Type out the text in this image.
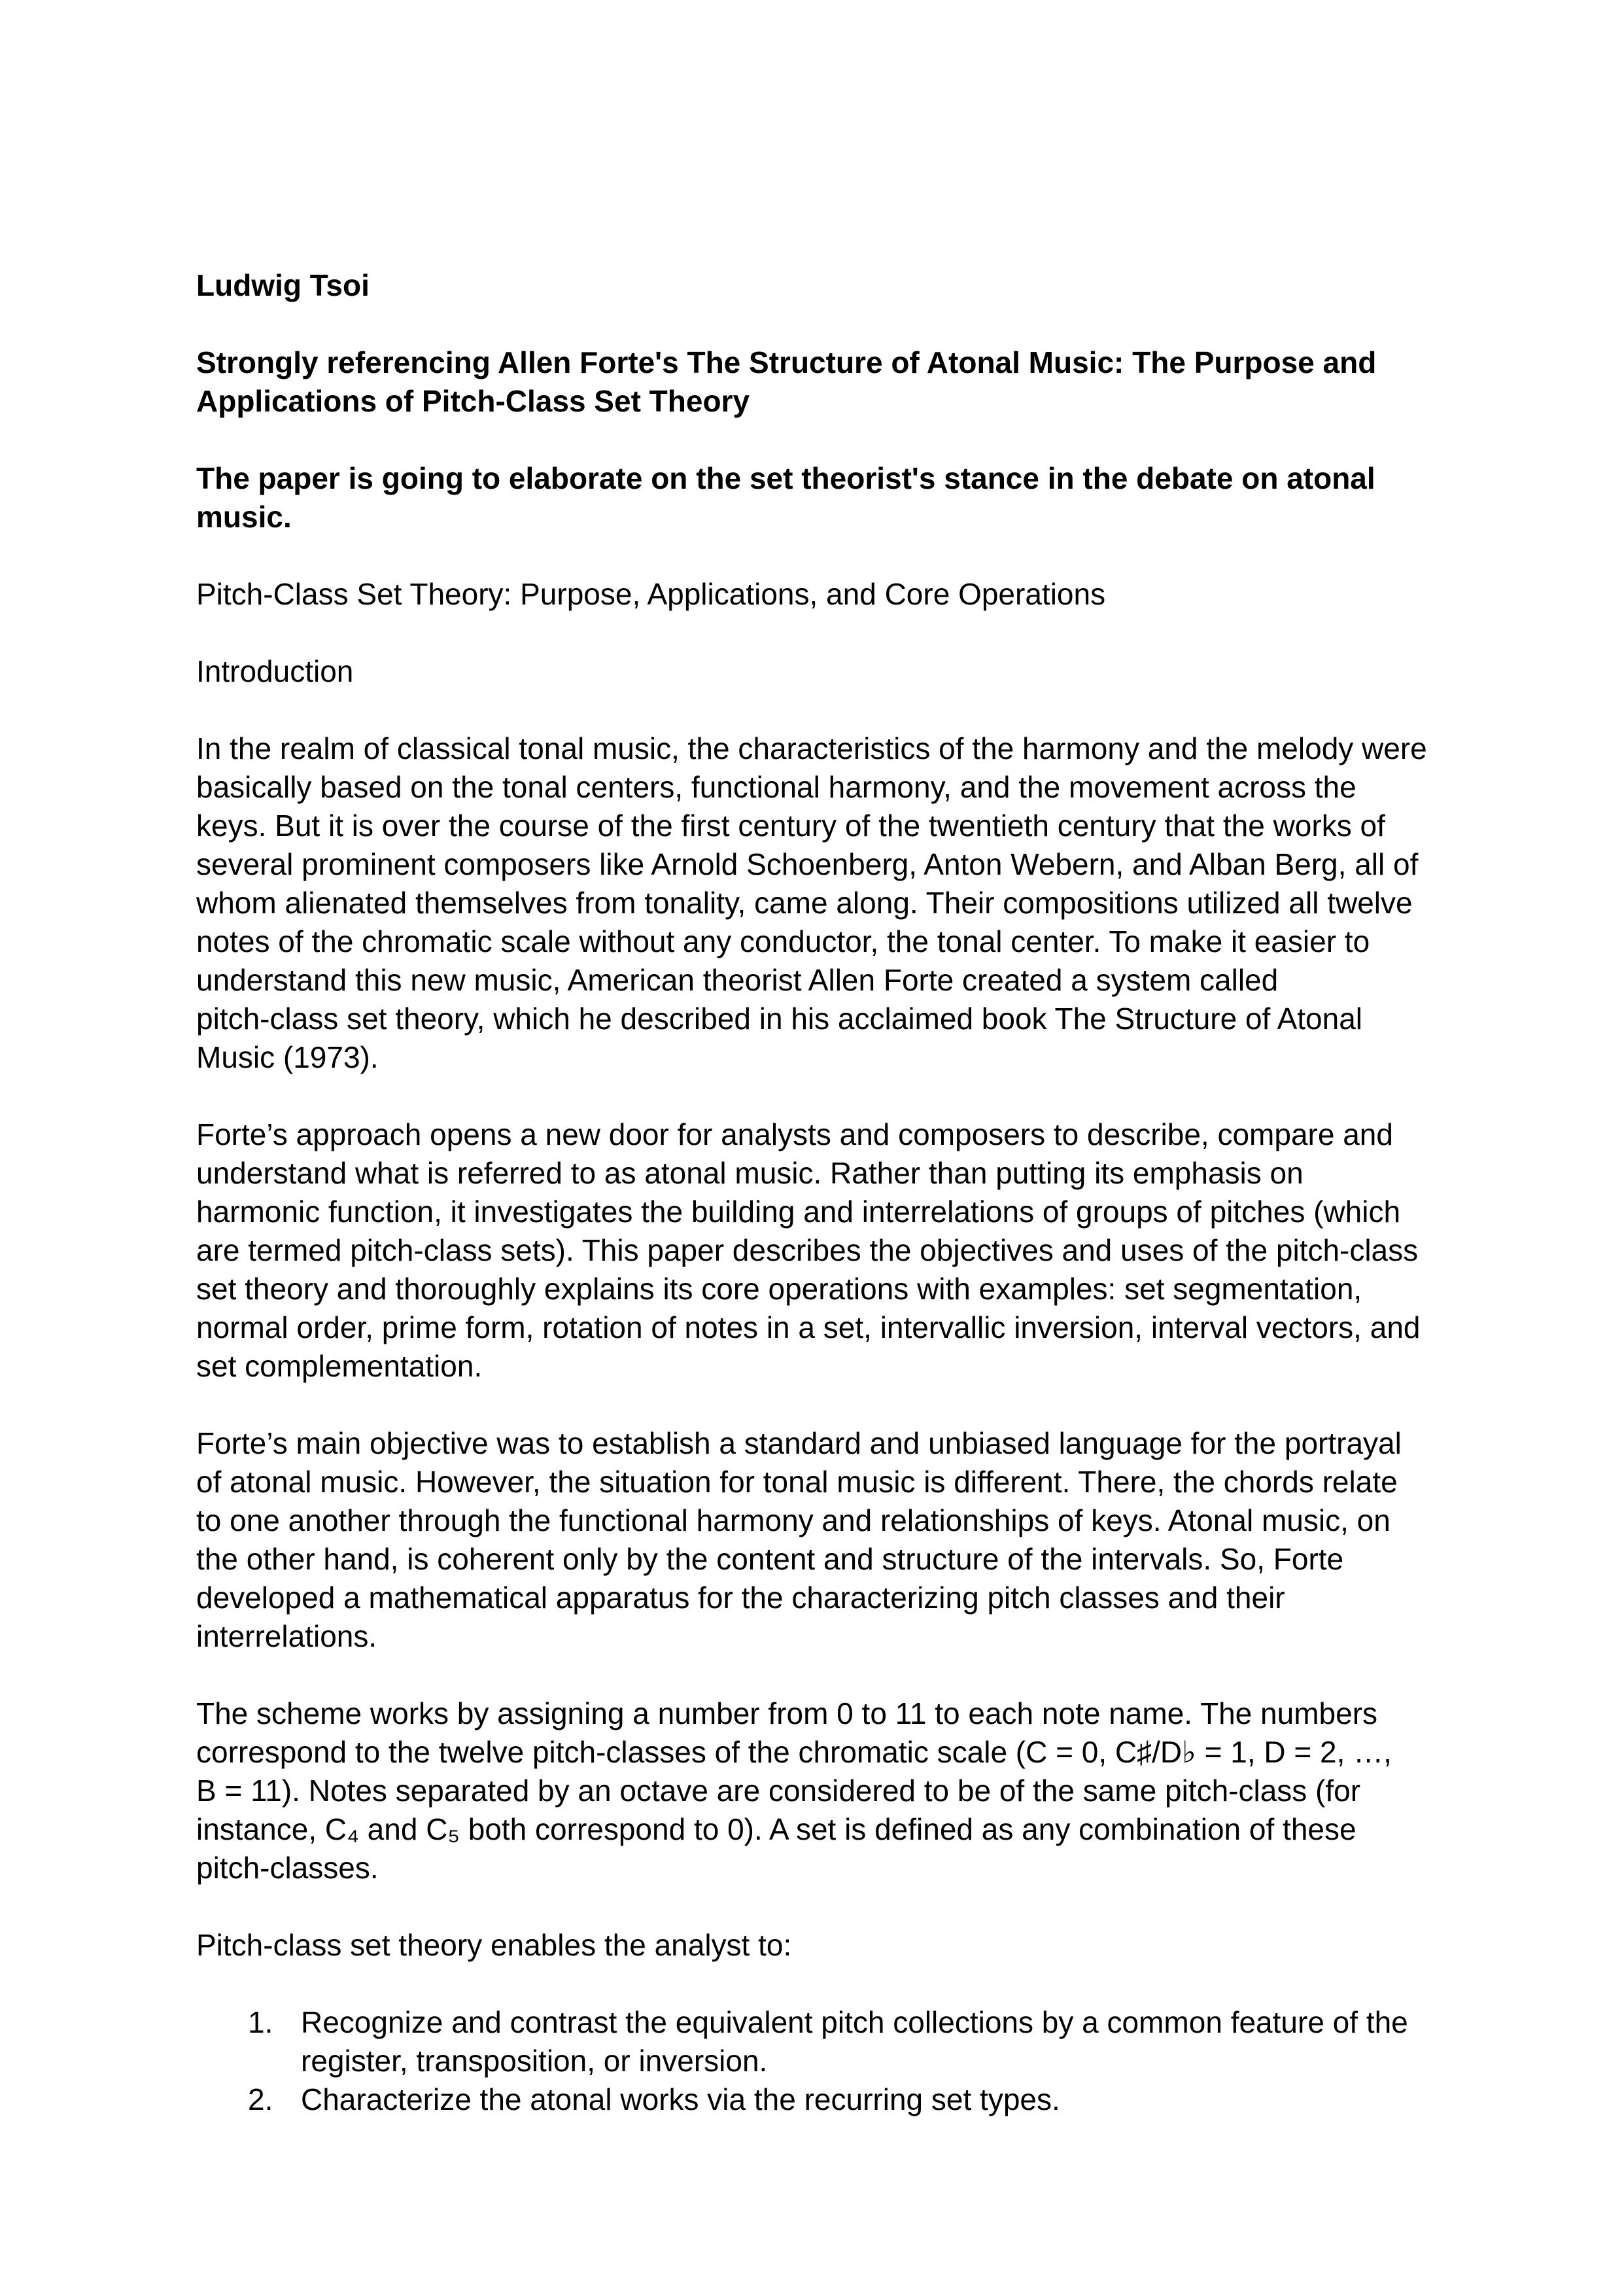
Ludwig Tsoi

Strongly referencing Allen Forte's The Structure of Atonal Music: The Purpose and
Applications of Pitch-Class Set Theory

The paper is going to elaborate on the set theorist's stance in the debate on atonal
music.

Pitch-Class Set Theory: Purpose, Applications, and Core Operations

Introduction

In the realm of classical tonal music, the characteristics of the harmony and the melody were
basically based on the tonal centers, functional harmony, and the movement across the
keys. But it is over the course of the first century of the twentieth century that the works of
several prominent composers like Arnold Schoenberg, Anton Webern, and Alban Berg, all of
whom alienated themselves from tonality, came along. Their compositions utilized all twelve
notes of the chromatic scale without any conductor, the tonal center. To make it easier to
understand this new music, American theorist Allen Forte created a system called
pitch-class set theory, which he described in his acclaimed book The Structure of Atonal
Music (1973).

Forte’s approach opens a new door for analysts and composers to describe, compare and
understand what is referred to as atonal music. Rather than putting its emphasis on
harmonic function, it investigates the building and interrelations of groups of pitches (which
are termed pitch-class sets). This paper describes the objectives and uses of the pitch-class
set theory and thoroughly explains its core operations with examples: set segmentation,
normal order, prime form, rotation of notes in a set, intervallic inversion, interval vectors, and
set complementation.

Forte’s main objective was to establish a standard and unbiased language for the portrayal
of atonal music. However, the situation for tonal music is different. There, the chords relate
to one another through the functional harmony and relationships of keys. Atonal music, on
the other hand, is coherent only by the content and structure of the intervals. So, Forte
developed a mathematical apparatus for the characterizing pitch classes and their
interrelations.

The scheme works by assigning a number from 0 to 11 to each note name. The numbers
correspond to the twelve pitch-classes of the chromatic scale (C = 0, C♯/D♭ = 1, D = 2, …,
B = 11). Notes separated by an octave are considered to be of the same pitch-class (for
instance, C₄ and C₅ both correspond to 0). A set is defined as any combination of these
pitch-classes.

Pitch-class set theory enables the analyst to:

1. Recognize and contrast the equivalent pitch collections by a common feature of the
register, transposition, or inversion.
2. Characterize the atonal works via the recurring set types.
